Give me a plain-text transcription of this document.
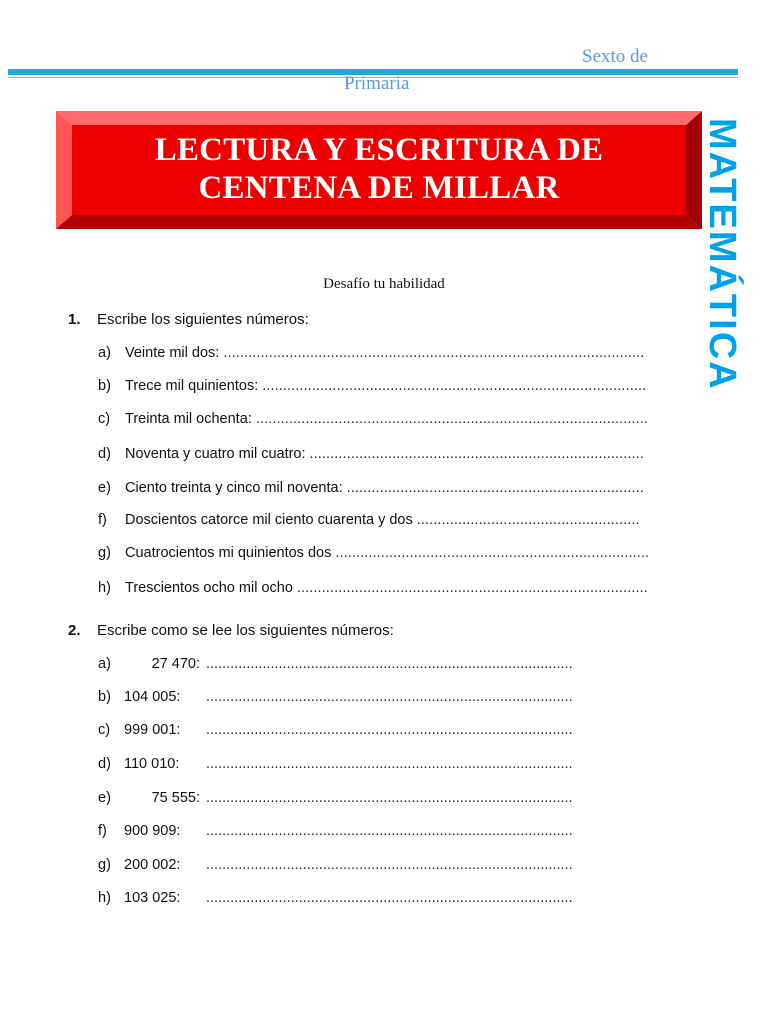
Sexto de
Primaria
LECTURA Y ESCRITURA DE
CENTENA DE MILLAR	MATEMÁTICA
Desafío tu habilidad
1. Escribe los siguientes números:
a) Veinte mil dos: ......................................................................................................
b) Trece mil quinientos: .............................................................................................
c)	Treinta mil ochenta: ...............................................................................................
d) Noventa y cuatro mil cuatro: .................................................................................
e) Ciento treinta y cinco mil noventa: ........................................................................
f)	Doscientos catorce mil ciento cuarenta y dos ......................................................
g) Cuatrocientos mi quinientos dos ............................................................................
h) Trescientos ocho mil ocho .....................................................................................
2. Escribe como se lee los siguientes números:
a)	27 470: ...........................................................................................
b) 104 005:	...........................................................................................
c) 999 001:	...........................................................................................
d) 110 010:	...........................................................................................
e)	75 555: ...........................................................................................
f)	900 909:	...........................................................................................
g) 200 002:	...........................................................................................
h) 103 025:	...........................................................................................
